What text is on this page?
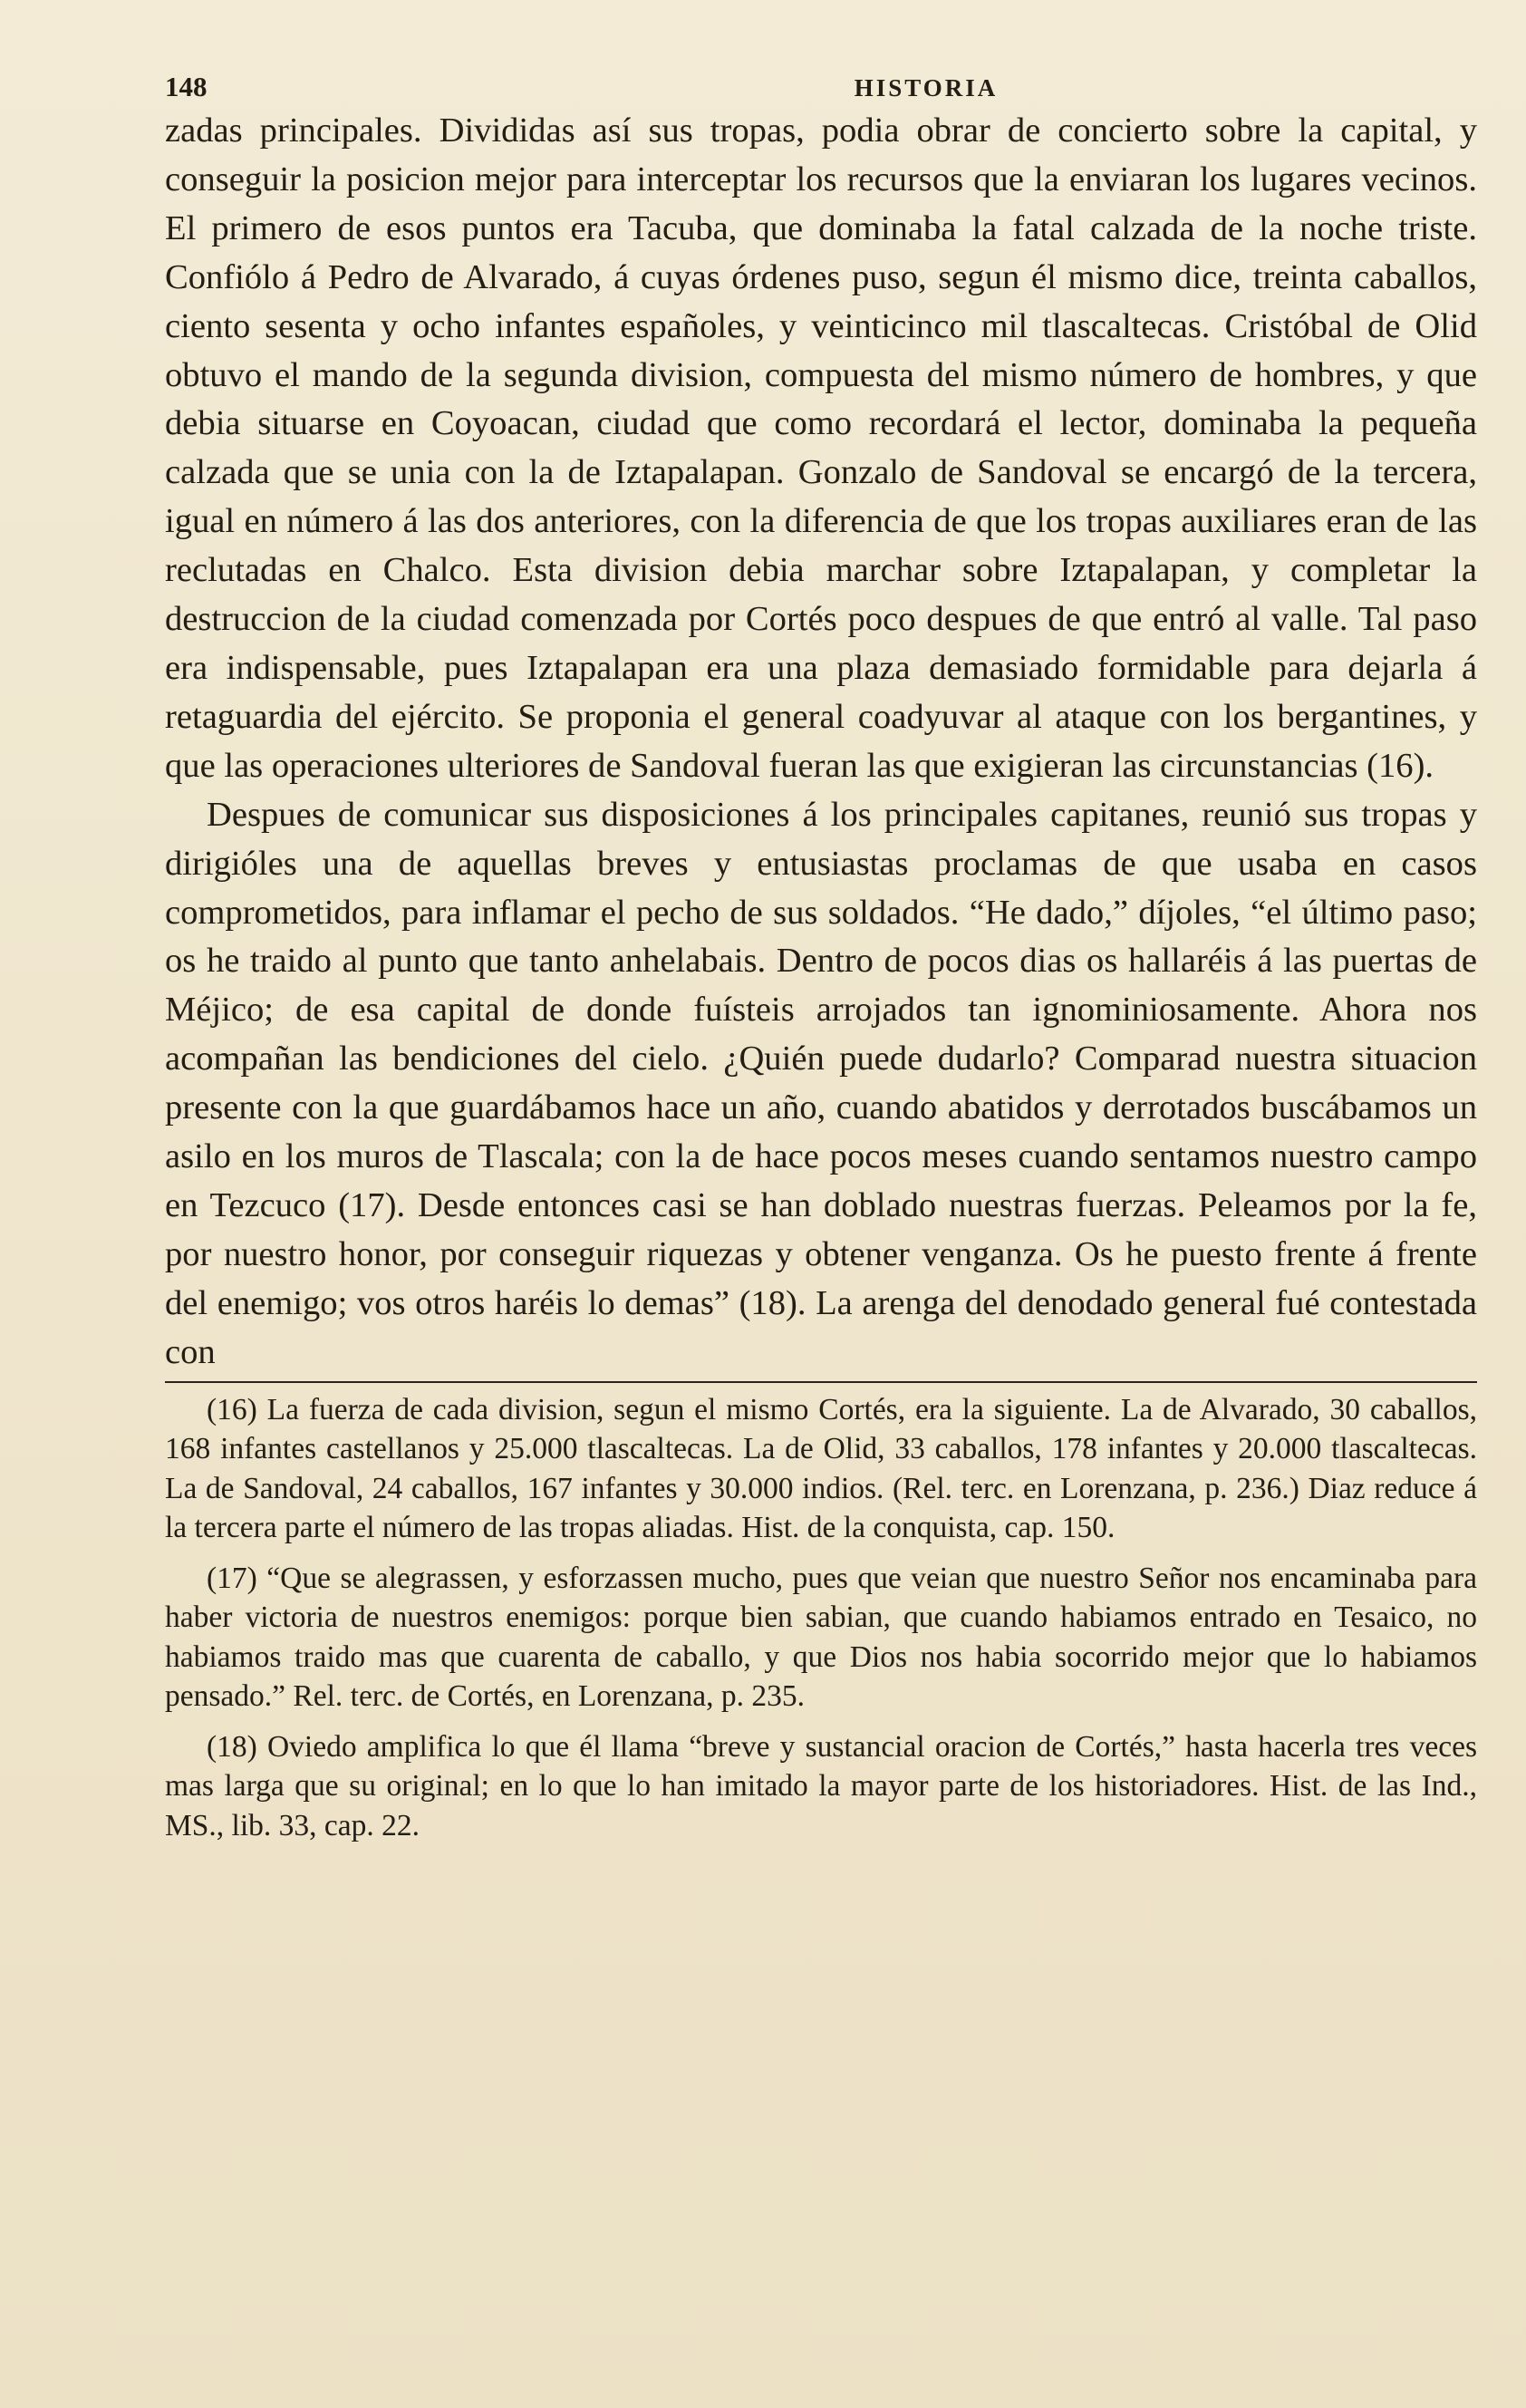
148	HISTORIA

zadas principales. Divididas así sus tropas, podia obrar de concierto sobre la capital, y conseguir la posicion mejor para interceptar los recursos que la enviaran los lugares vecinos. El primero de esos puntos era Tacuba, que dominaba la fatal calzada de la noche triste. Confiólo á Pedro de Alvarado, á cuyas órdenes puso, segun él mismo dice, treinta caballos, ciento sesenta y ocho infantes españoles, y veinticinco mil tlascaltecas. Cristóbal de Olid obtuvo el mando de la segunda division, compuesta del mismo número de hombres, y que debia situarse en Coyoacan, ciudad que como recordará el lector, dominaba la pequeña calzada que se unia con la de Iztapalapan. Gonzalo de Sandoval se encargó de la tercera, igual en número á las dos anteriores, con la diferencia de que los tropas auxiliares eran de las reclutadas en Chalco. Esta division debia marchar sobre Iztapalapan, y completar la destruccion de la ciudad comenzada por Cortés poco despues de que entró al valle. Tal paso era indispensable, pues Iztapalapan era una plaza demasiado formidable para dejarla á retaguardia del ejército. Se proponia el general coadyuvar al ataque con los bergantines, y que las operaciones ulteriores de Sandoval fueran las que exigieran las circunstancias (16).

Despues de comunicar sus disposiciones á los principales capitanes, reunió sus tropas y dirigióles una de aquellas breves y entusiastas proclamas de que usaba en casos comprometidos, para inflamar el pecho de sus soldados. “He dado,” díjoles, “el último paso; os he traido al punto que tanto anhelabais. Dentro de pocos dias os hallaréis á las puertas de Méjico; de esa capital de donde fuísteis arrojados tan ignominiosamente. Ahora nos acompañan las bendiciones del cielo. ¿Quién puede dudarlo? Comparad nuestra situacion presente con la que guardábamos hace un año, cuando abatidos y derrotados buscábamos un asilo en los muros de Tlascala; con la de hace pocos meses cuando sentamos nuestro campo en Tezcuco (17). Desde entonces casi se han doblado nuestras fuerzas. Peleamos por la fe, por nuestro honor, por conseguir riquezas y obtener venganza. Os he puesto frente á frente del enemigo; vos otros haréis lo demas” (18). La arenga del denodado general fué contestada con

(16) La fuerza de cada division, segun el mismo Cortés, era la siguiente. La de Alvarado, 30 caballos, 168 infantes castellanos y 25.000 tlascaltecas. La de Olid, 33 caballos, 178 infantes y 20.000 tlascaltecas. La de Sandoval, 24 caballos, 167 infantes y 30.000 indios. (Rel. terc. en Lorenzana, p. 236.) Diaz reduce á la tercera parte el número de las tropas aliadas. Hist. de la conquista, cap. 150.

(17) “Que se alegrassen, y esforzassen mucho, pues que veian que nuestro Señor nos encaminaba para haber victoria de nuestros enemigos: porque bien sabian, que cuando habiamos entrado en Tesaico, no habiamos traido mas que cuarenta de caballo, y que Dios nos habia socorrido mejor que lo habiamos pensado.” Rel. terc. de Cortés, en Lorenzana, p. 235.

(18) Oviedo amplifica lo que él llama “breve y sustancial oracion de Cortés,” hasta hacerla tres veces mas larga que su original; en lo que lo han imitado la mayor parte de los historiadores. Hist. de las Ind., MS., lib. 33, cap. 22.
